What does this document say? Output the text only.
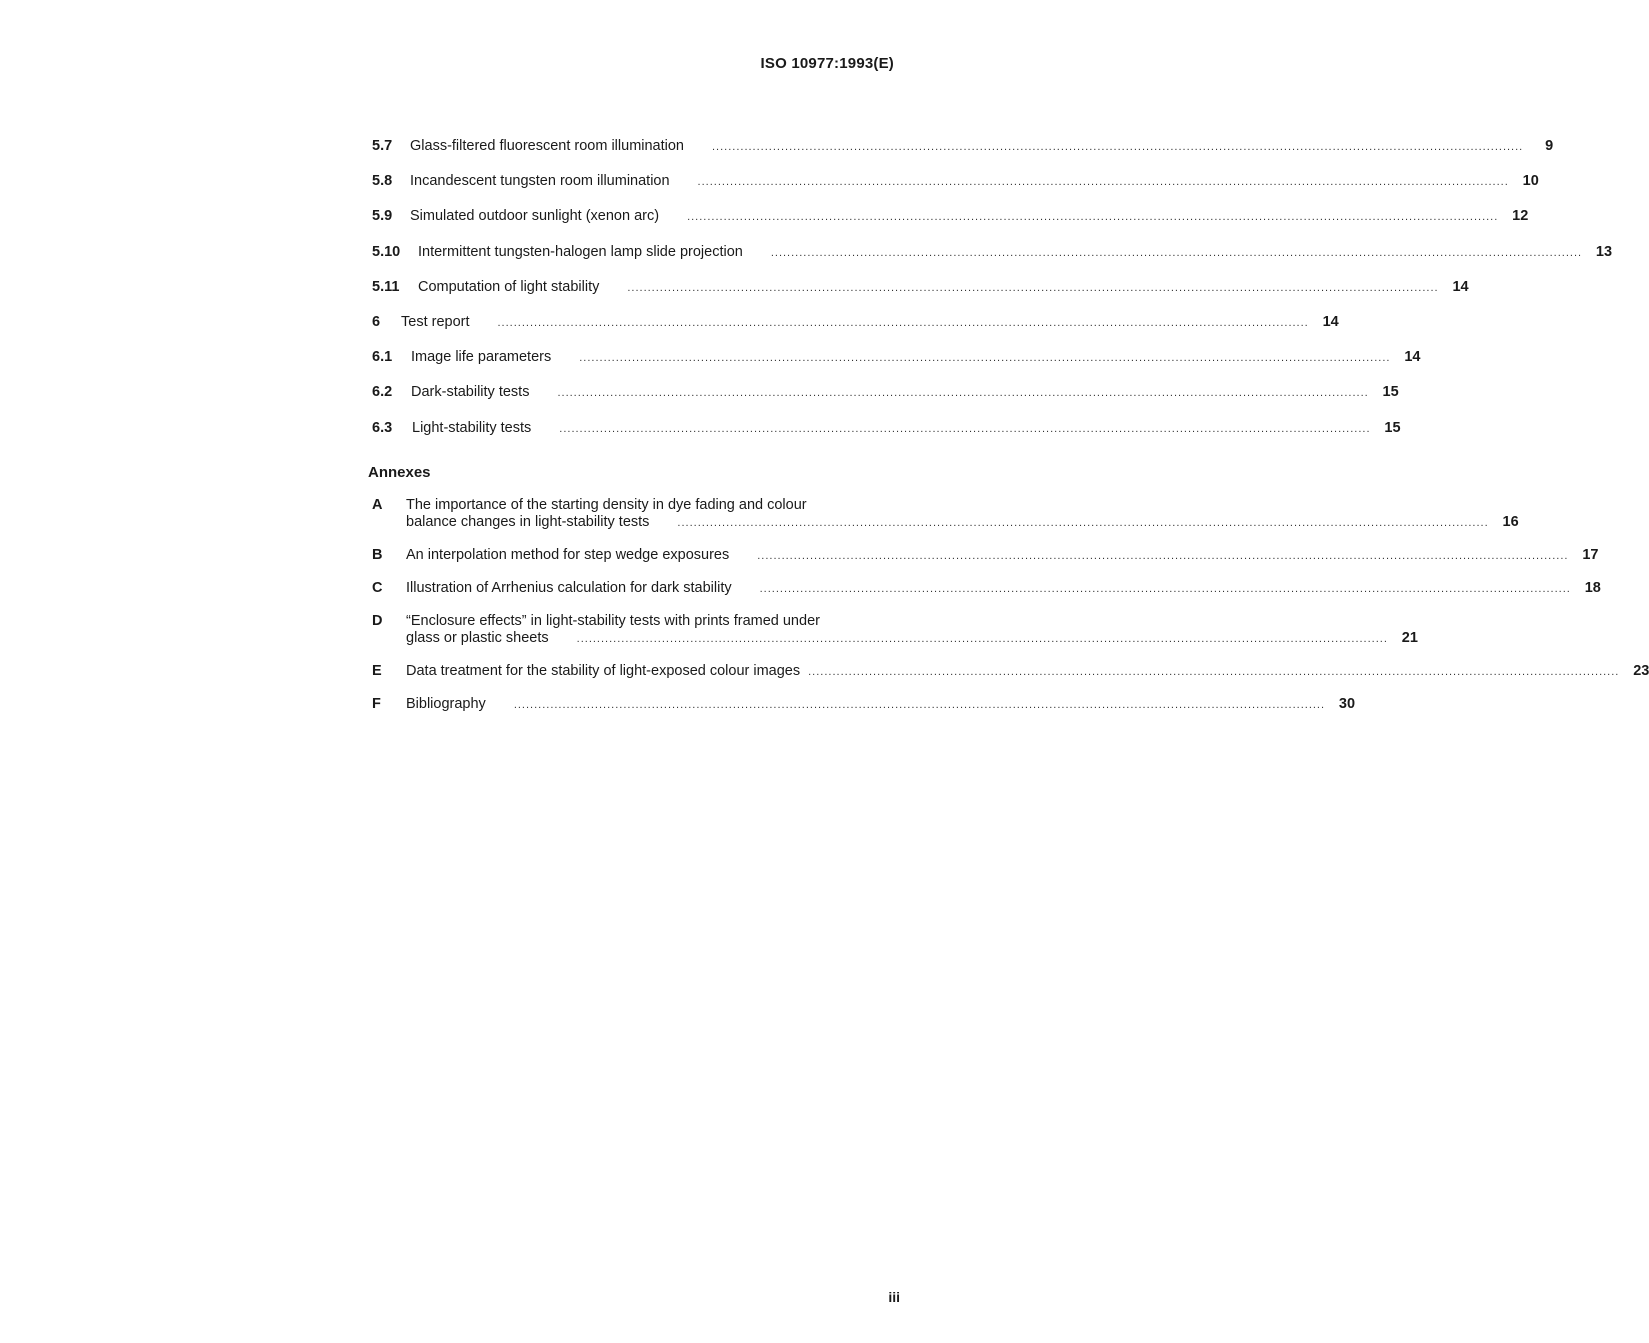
ISO 10977:1993(E)
5.7	Glass-filtered fluorescent room illumination	........................................................................................................................................................................................................	9
5.8	Incandescent tungsten room illumination	........................................................................................................................................................................................................ 10
5.9	Simulated outdoor sunlight (xenon arc)	........................................................................................................................................................................................................ 12
5.10	Intermittent tungsten-halogen lamp slide projection	........................................................................................................................................................................................................ 13
5.11	Computation of light stability	........................................................................................................................................................................................................ 14
6	Test report	........................................................................................................................................................................................................ 14
6.1	Image life parameters	........................................................................................................................................................................................................ 14
6.2	Dark-stability tests	........................................................................................................................................................................................................ 15
6.3	Light-stability tests	........................................................................................................................................................................................................ 15
Annexes
A	The importance of the starting density in dye fading and colour
balance changes in light-stability tests	........................................................................................................................................................................................................ 16
B	An interpolation method for step wedge exposures	........................................................................................................................................................................................................ 17
C	Illustration of Arrhenius calculation for dark stability	........................................................................................................................................................................................................ 18
D	“Enclosure effects” in light-stability tests with prints framed under
glass or plastic sheets	........................................................................................................................................................................................................ 21
E	Data treatment for the stability of light-exposed colour images ........................................................................................................................................................................................................ 23
F	Bibliography	........................................................................................................................................................................................................ 30
iii
